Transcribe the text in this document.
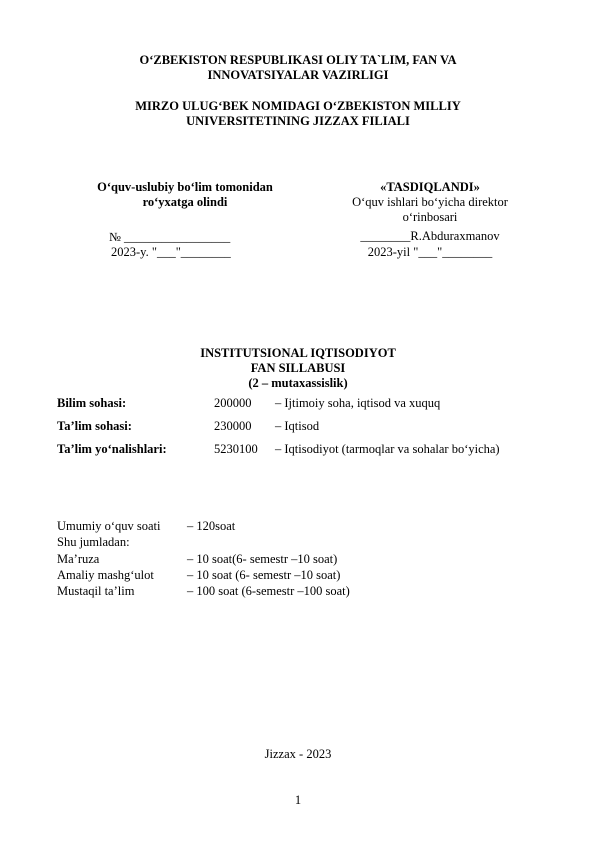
O‘ZBEKISTON RESPUBLIKASI OLIY TA`LIM, FAN VA
INNOVATSIYALAR VAZIRLIGI
MIRZO ULUG‘BEK NOMIDAGI O‘ZBEKISTON MILLIY
UNIVERSITETINING JIZZAX FILIALI
O‘quv-uslubiy bo‘lim tomonidan
ro‘yxatga olindi
№ _________________
2023-y. "___"________
«TASDIQLANDI»
O‘quv ishlari bo‘yicha direktor
o‘rinbosari
________R.Abduraxmanov
2023-yil "___"________
INSTITUTSIONAL IQTISODIYOT
FAN SILLABUSI
(2 – mutaxassislik)
Bilim sohasi:	200000 – Ijtimoiy soha, iqtisod va xuquq
Ta’lim sohasi:	230000 – Iqtisod
Ta’lim yo‘nalishlari:	5230100 – Iqtisodiyot (tarmoqlar va sohalar bo‘yicha)
Umumiy o‘quv soati – 120soat
Shu jumladan:
Ma’ruza	– 10 soat(6- semestr –10 soat)
Amaliy mashg‘ulot	– 10 soat (6- semestr –10 soat)
Mustaqil ta’lim	– 100 soat (6-semestr –100 soat)
Jizzax - 2023
1
